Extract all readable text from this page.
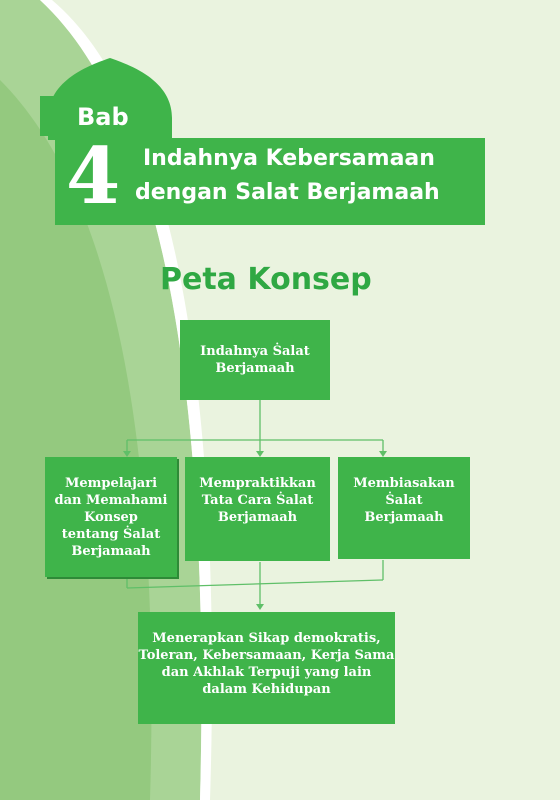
Bab
4 Indahnya Kebersamaan
dengan Salat Berjamaah
Peta Konsep
Indahnya Ṡalat
Berjamaah
Mempelajari
dan Memahami
Konsep
tentang Ṡalat
Berjamaah
Mempraktikkan
Tata Cara Ṡalat
Berjamaah
Membiasakan
Ṡalat
Berjamaah
Menerapkan Sikap demokratis,
Toleran, Kebersamaan, Kerja Sama
dan Akhlak Terpuji yang lain
dalam Kehidupan
